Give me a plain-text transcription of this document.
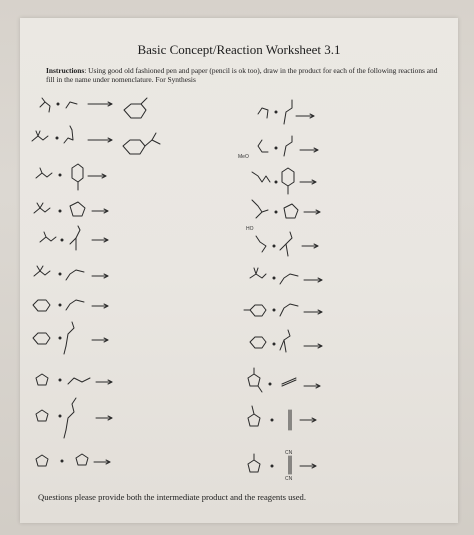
Basic Concept/Reaction Worksheet 3.1
Instructions: Using good old fashioned pen and paper (pencil is ok too), draw in the product for each of the following reactions and fill in the name under nomenclature. For Synthesis
Questions please provide both the intermediate product and the reagents used.
MeO
HO
CN
CN
